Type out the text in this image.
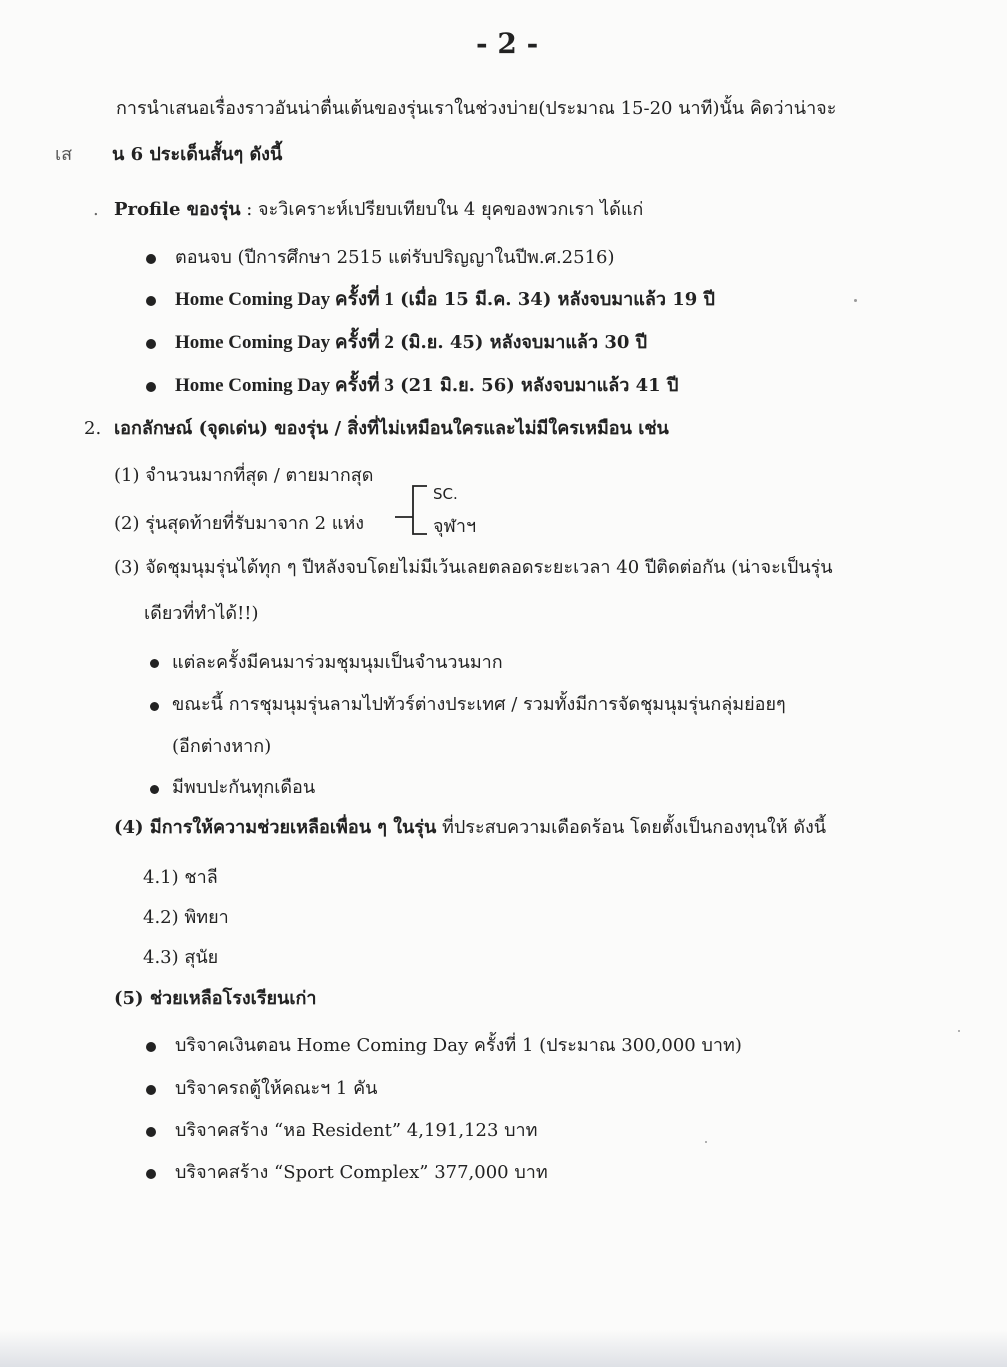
- 2 -
การนำเสนอเรื่องราวอันน่าตื่นเต้นของรุ่นเราในช่วงบ่าย(ประมาณ 15-20 นาที)นั้น คิดว่าน่าจะ
เส น 6 ประเด็นสั้นๆ ดังนี้
. Profile ของรุ่น : จะวิเคราะห์เปรียบเทียบใน 4 ยุคของพวกเรา ได้แก่
ตอนจบ (ปีการศึกษา 2515 แต่รับปริญญาในปีพ.ศ.2516)
Home Coming Day ครั้งที่ 1 (เมื่อ 15 มี.ค. 34) หลังจบมาแล้ว 19 ปี
Home Coming Day ครั้งที่ 2 (มิ.ย. 45) หลังจบมาแล้ว 30 ปี
Home Coming Day ครั้งที่ 3 (21 มิ.ย. 56) หลังจบมาแล้ว 41 ปี
2. เอกลักษณ์ (จุดเด่น) ของรุ่น / สิ่งที่ไม่เหมือนใครและไม่มีใครเหมือน เช่น
(1) จำนวนมากที่สุด / ตายมากสุด
(2) รุ่นสุดท้ายที่รับมาจาก 2 แห่ง
SC.
จุฬาฯ
(3) จัดชุมนุมรุ่นได้ทุก ๆ ปีหลังจบโดยไม่มีเว้นเลยตลอดระยะเวลา 40 ปีติดต่อกัน (น่าจะเป็นรุ่น
เดียวที่ทำได้!!)
แต่ละครั้งมีคนมาร่วมชุมนุมเป็นจำนวนมาก
ขณะนี้ การชุมนุมรุ่นลามไปทัวร์ต่างประเทศ / รวมทั้งมีการจัดชุมนุมรุ่นกลุ่มย่อยๆ
(อีกต่างหาก)
มีพบปะกันทุกเดือน
(4) มีการให้ความช่วยเหลือเพื่อน ๆ ในรุ่น ที่ประสบความเดือดร้อน โดยตั้งเป็นกองทุนให้ ดังนี้
4.1) ชาลี
4.2) พิทยา
4.3) สุนัย
(5) ช่วยเหลือโรงเรียนเก่า
บริจาคเงินตอน Home Coming Day ครั้งที่ 1 (ประมาณ 300,000 บาท)
บริจาครถตู้ให้คณะฯ 1 คัน
บริจาคสร้าง “หอ Resident” 4,191,123 บาท
บริจาคสร้าง “Sport Complex” 377,000 บาท
